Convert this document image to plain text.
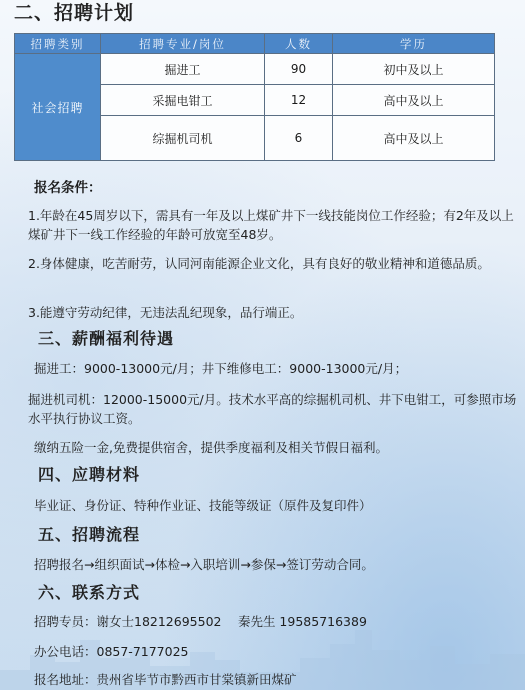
二、招聘计划
招聘类别	招聘专业/岗位	人数	学历
社会招聘	掘进工	90	初中及以上
	采掘电钳工	12	高中及以上
	综掘机司机	6	高中及以上
报名条件：
1.年龄在45周岁以下，需具有一年及以上煤矿井下一线技能岗位工作经验；有2年及以上煤矿井下一线工作经验的年龄可放宽至48岁。
2.身体健康，吃苦耐劳，认同河南能源企业文化，具有良好的敬业精神和道德品质。
3.能遵守劳动纪律，无违法乱纪现象，品行端正。
三、薪酬福利待遇
掘进工：9000-13000元/月；井下维修电工：9000-13000元/月；
掘进机司机：12000-15000元/月。技术水平高的综掘机司机、井下电钳工，可参照市场水平执行协议工资。
缴纳五险一金,免费提供宿舍，提供季度福利及相关节假日福利。
四、应聘材料
毕业证、身份证、特种作业证、技能等级证（原件及复印件）
五、招聘流程
招聘报名→组织面试→体检→入职培训→参保→签订劳动合同。
六、联系方式
招聘专员：谢女士18212695502　 秦先生 19585716389
办公电话：0857-7177025
报名地址：贵州省毕节市黔西市甘棠镇新田煤矿
